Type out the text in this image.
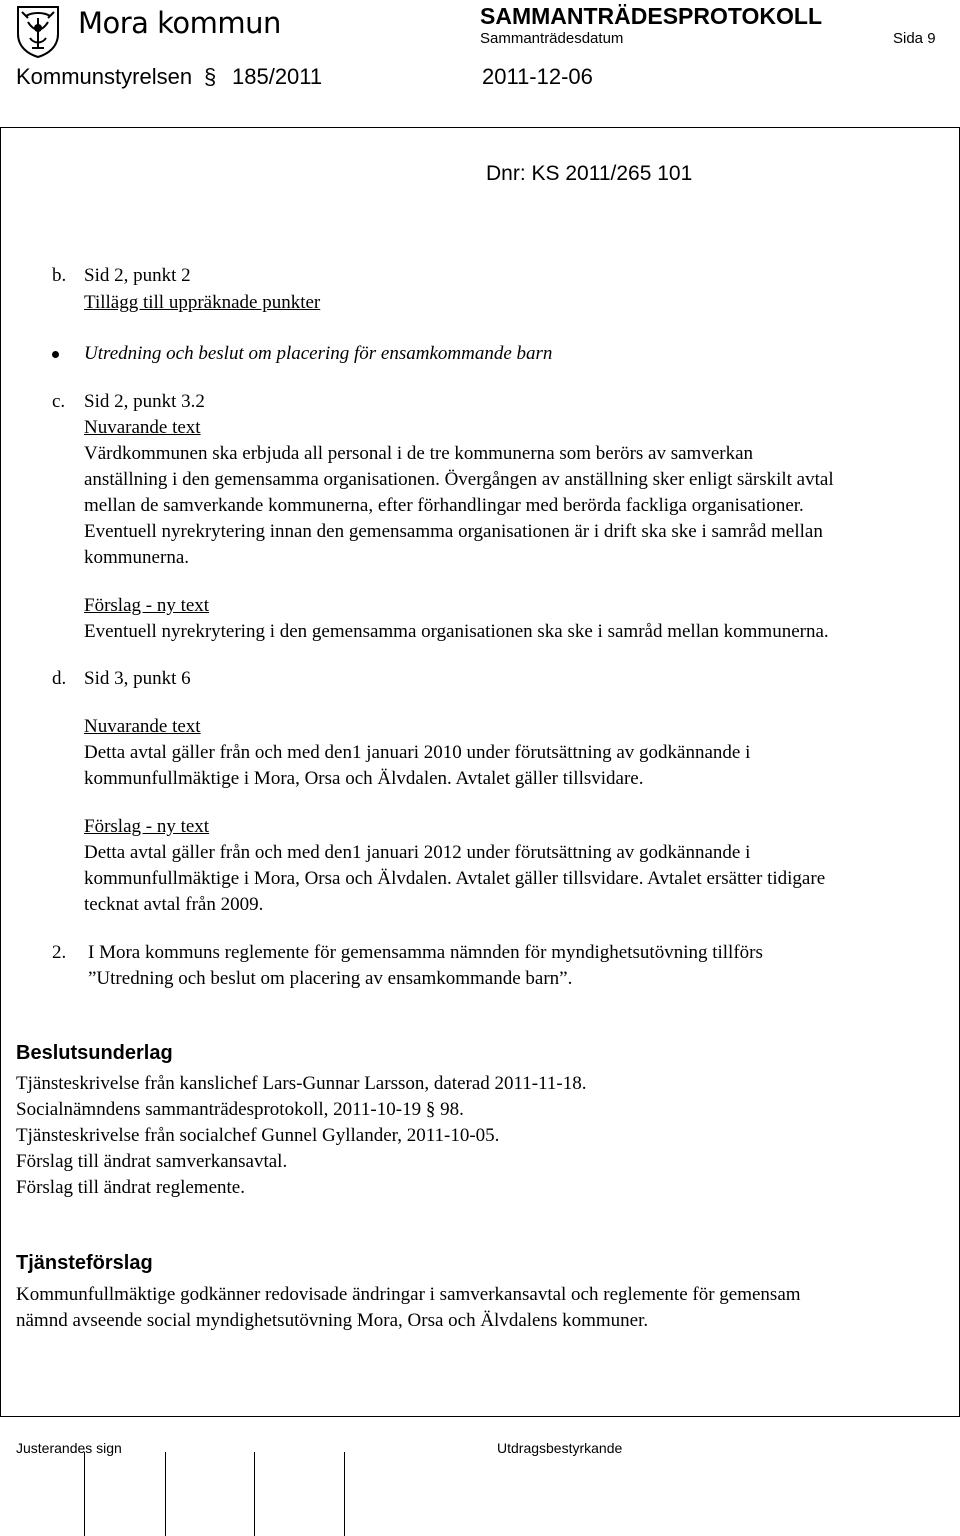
Mora kommun	SAMMANTRÄDESPROTOKOLL
Sammanträdesdatum	Sida 9
Kommunstyrelsen § 185/2011	2011-12-06
Dnr: KS 2011/265 101
b. Sid 2, punkt 2
Tillägg till uppräknade punkter
Utredning och beslut om placering för ensamkommande barn
c. Sid 2, punkt 3.2
Nuvarande text
Värdkommunen ska erbjuda all personal i de tre kommunerna som berörs av samverkan
anställning i den gemensamma organisationen. Övergången av anställning sker enligt särskilt avtal
mellan de samverkande kommunerna, efter förhandlingar med berörda fackliga organisationer.
Eventuell nyrekrytering innan den gemensamma organisationen är i drift ska ske i samråd mellan
kommunerna.
Förslag - ny text
Eventuell nyrekrytering i den gemensamma organisationen ska ske i samråd mellan kommunerna.
d. Sid 3, punkt 6
Nuvarande text
Detta avtal gäller från och med den1 januari 2010 under förutsättning av godkännande i
kommunfullmäktige i Mora, Orsa och Älvdalen. Avtalet gäller tillsvidare.
Förslag - ny text
Detta avtal gäller från och med den1 januari 2012 under förutsättning av godkännande i
kommunfullmäktige i Mora, Orsa och Älvdalen. Avtalet gäller tillsvidare. Avtalet ersätter tidigare
tecknat avtal från 2009.
2. I Mora kommuns reglemente för gemensamma nämnden för myndighetsutövning tillförs
”Utredning och beslut om placering av ensamkommande barn”.
Beslutsunderlag
Tjänsteskrivelse från kanslichef Lars-Gunnar Larsson, daterad 2011-11-18.
Socialnämndens sammanträdesprotokoll, 2011-10-19 § 98.
Tjänsteskrivelse från socialchef Gunnel Gyllander, 2011-10-05.
Förslag till ändrat samverkansavtal.
Förslag till ändrat reglemente.
Tjänsteförslag
Kommunfullmäktige godkänner redovisade ändringar i samverkansavtal och reglemente för gemensam
nämnd avseende social myndighetsutövning Mora, Orsa och Älvdalens kommuner.
Justerandes sign	Utdragsbestyrkande
